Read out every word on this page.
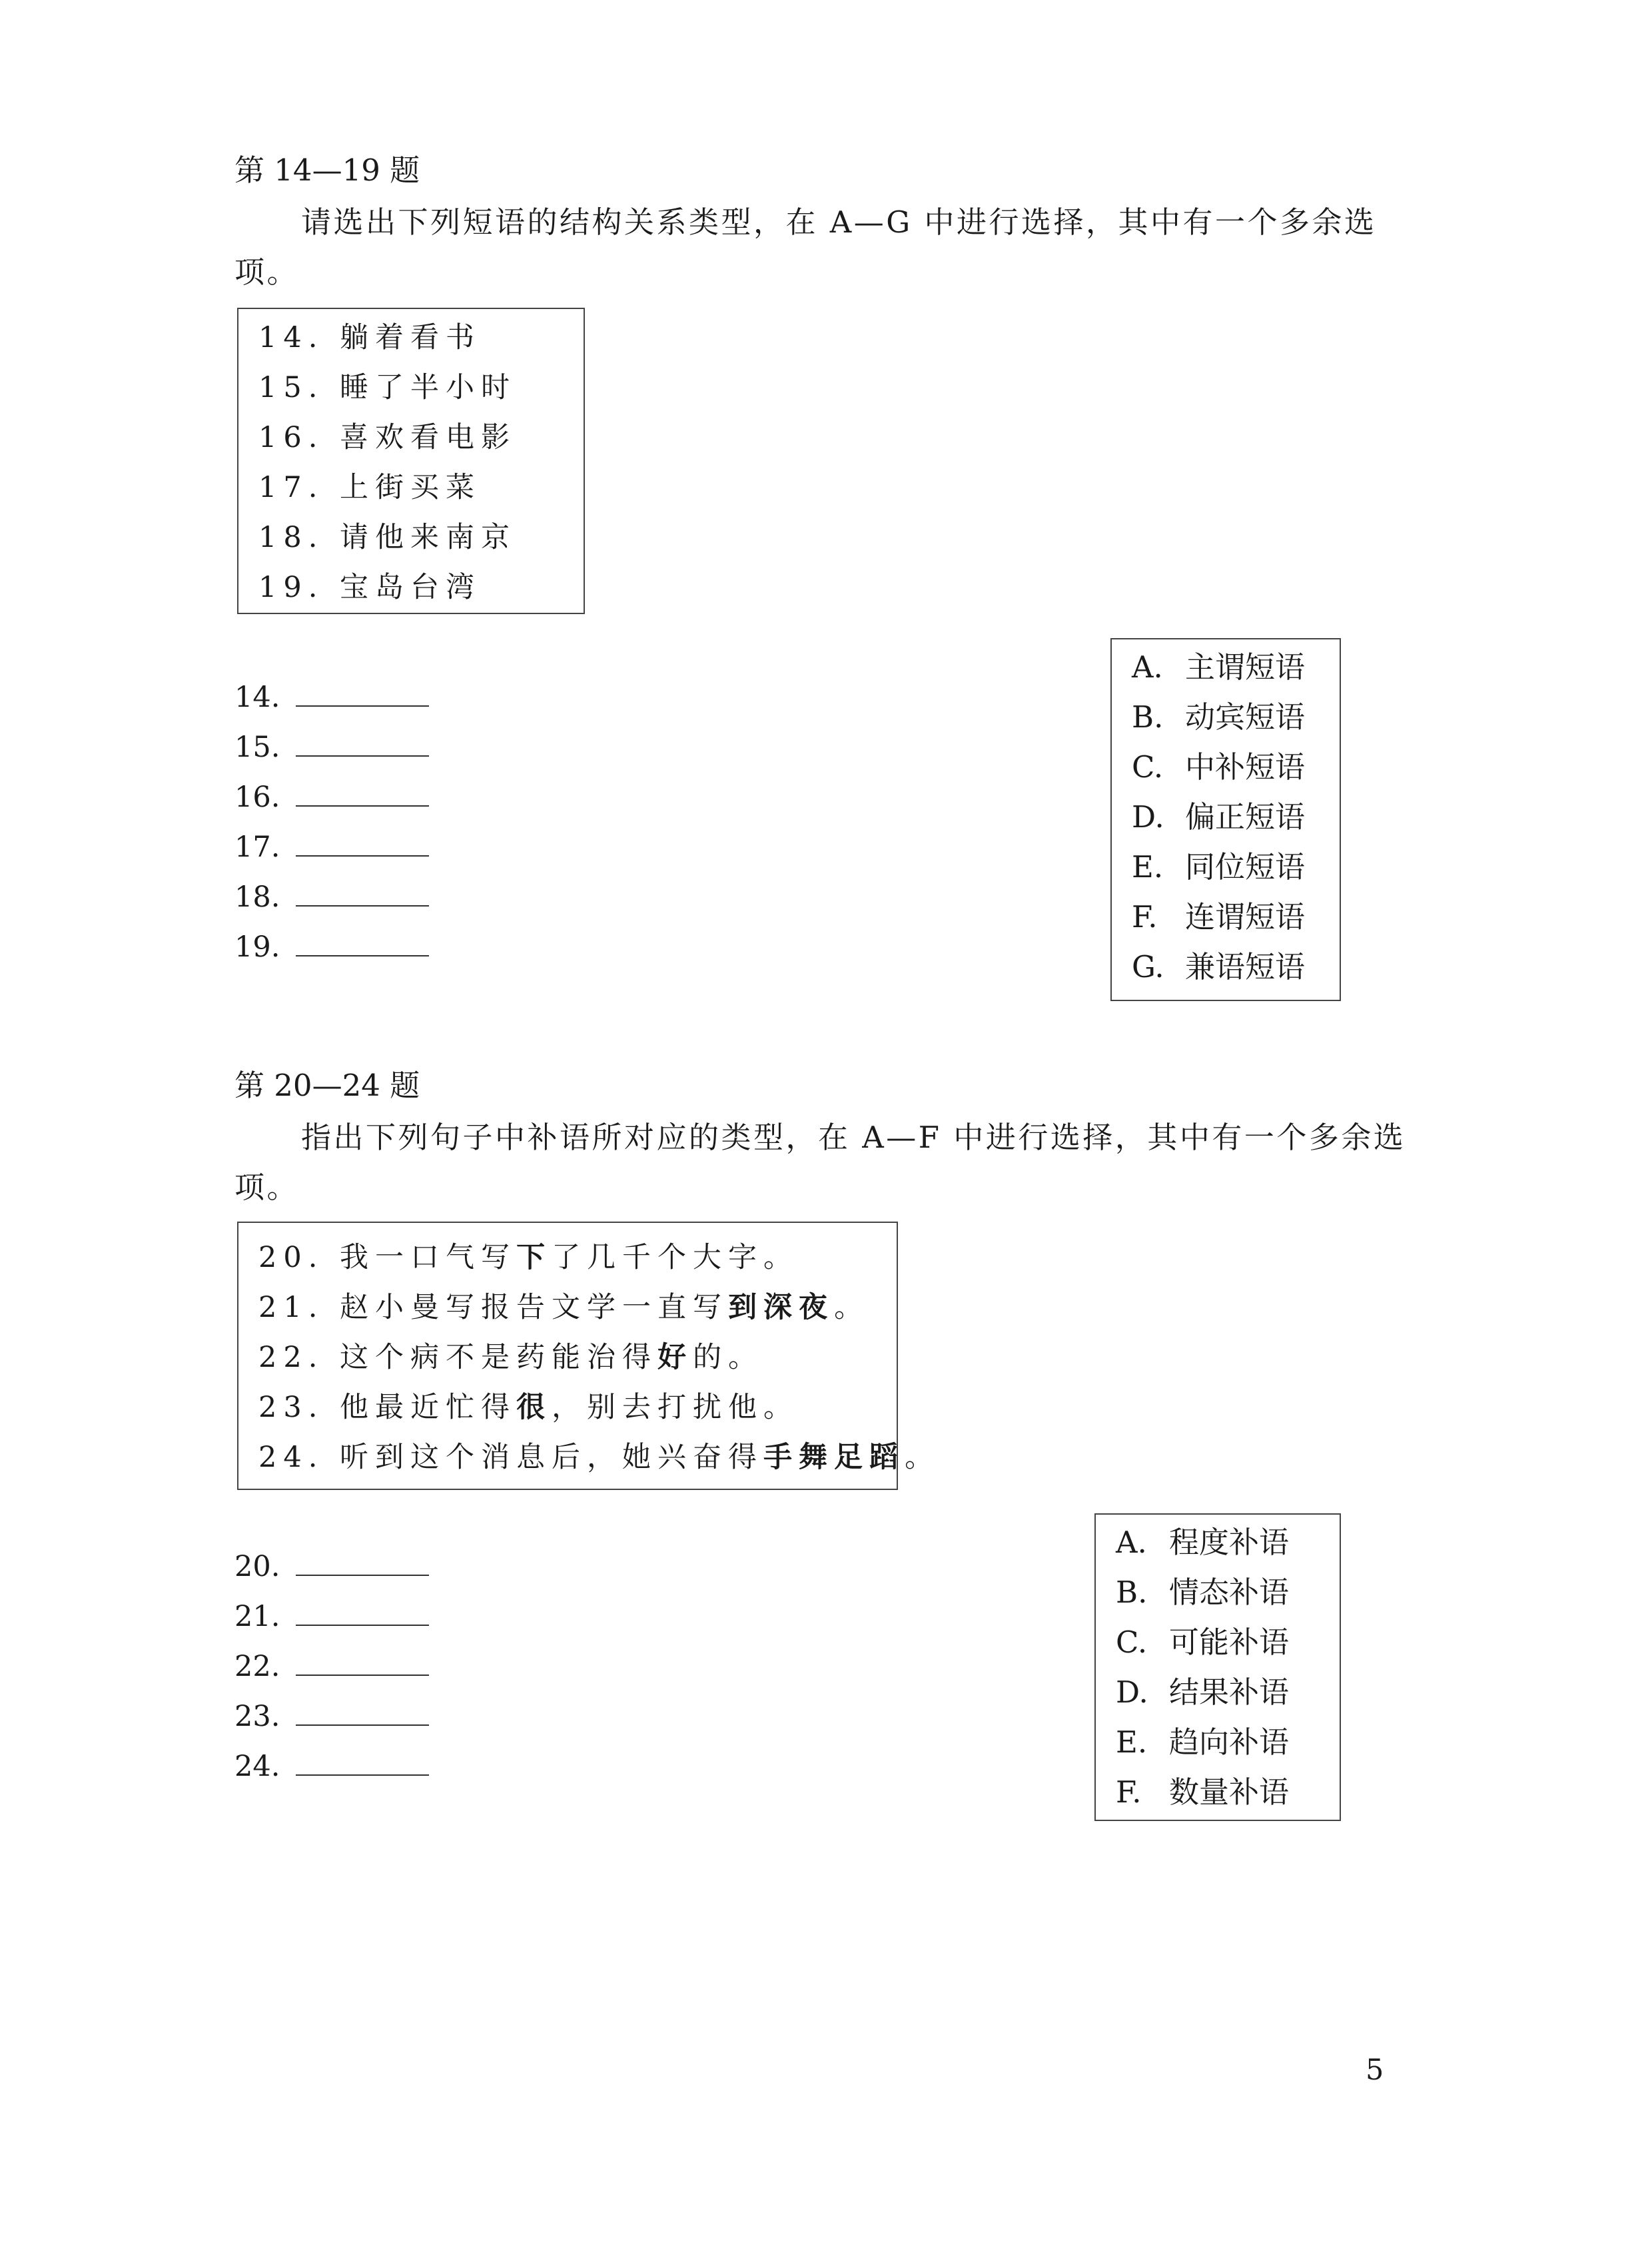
第 14—19 题
请选出下列短语的结构关系类型，在 A—G 中进行选择，其中有一个多余选项。
14. 躺着看书
15. 睡了半小时
16. 喜欢看电影
17. 上街买菜
18. 请他来南京
19. 宝岛台湾
14.
15.
16.
17.
18.
19.
A. 主谓短语
B. 动宾短语
C. 中补短语
D. 偏正短语
E. 同位短语
F. 连谓短语
G. 兼语短语
第 20—24 题
指出下列句子中补语所对应的类型，在 A—F 中进行选择，其中有一个多余选项。
20. 我一口气写下了几千个大字。
21. 赵小曼写报告文学一直写到深夜。
22. 这个病不是药能治得好的。
23. 他最近忙得很，别去打扰他。
24. 听到这个消息后，她兴奋得手舞足蹈。
20.
21.
22.
23.
24.
A. 程度补语
B. 情态补语
C. 可能补语
D. 结果补语
E. 趋向补语
F. 数量补语
5
